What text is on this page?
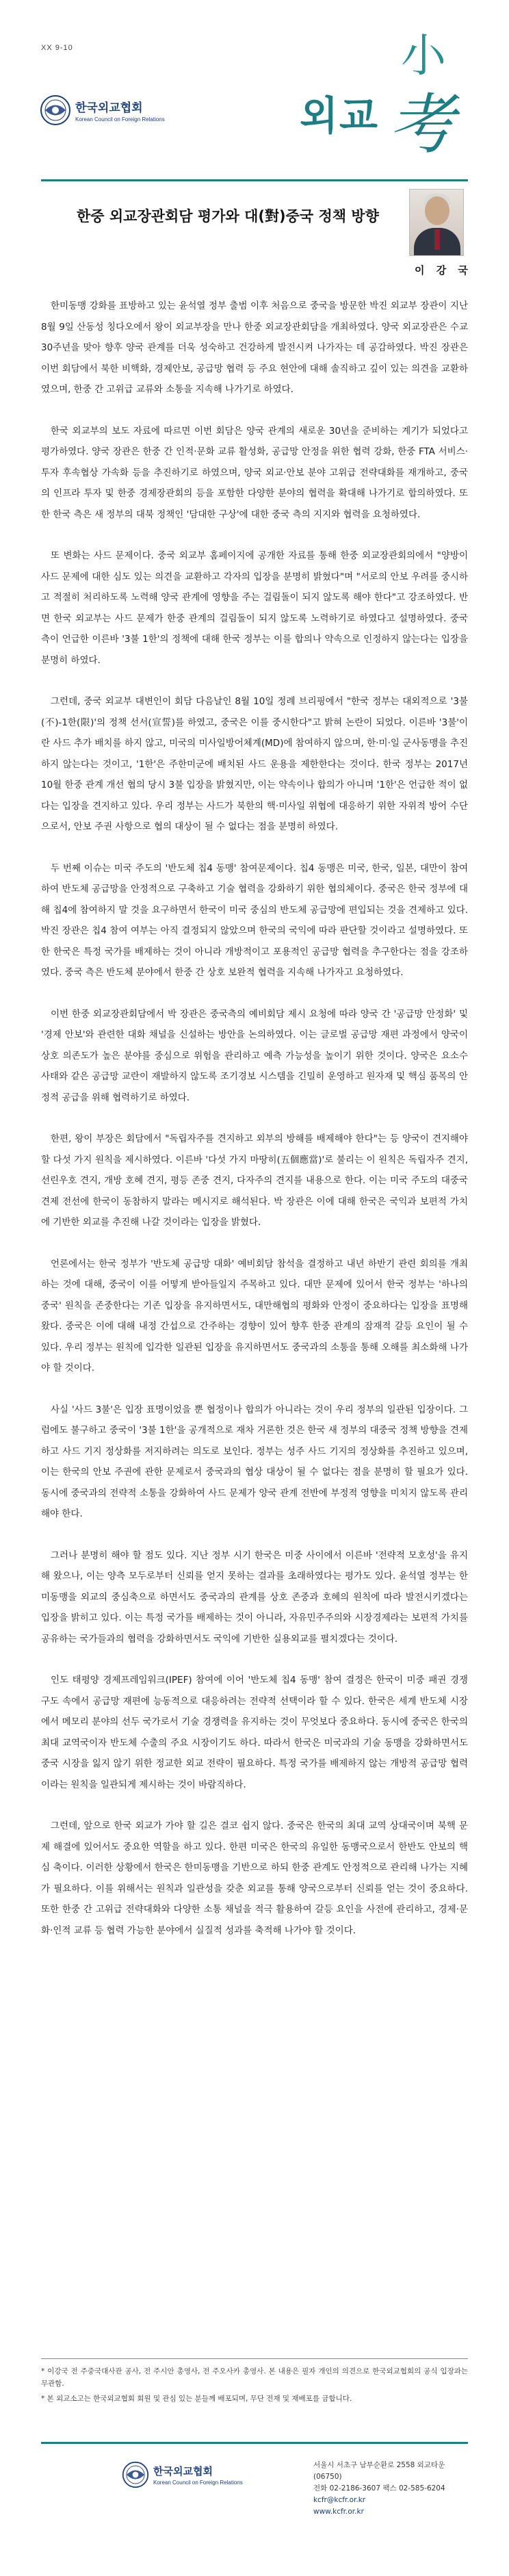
XX 9-10
한국외교협회
Korean Council on Foreign Relations
小
외교 考
한중 외교장관회담 평가와 대(對)중국 정책 방향
이 강 국

한미동맹 강화를 표방하고 있는 윤석열 정부 출범 이후 처음으로 중국을 방문한 박진 외교부 장관이 지난 8월 9일 산동성 칭다오에서 왕이 외교부장을 만나 한중 외교장관회담을 개최하였다. 양국 외교장관은 수교 30주년을 맞아 향후 양국 관계를 더욱 성숙하고 건강하게 발전시켜 나가자는 데 공감하였다. 박진 장관은 이번 회담에서 북한 비핵화, 경제안보, 공급망 협력 등 주요 현안에 대해 솔직하고 깊이 있는 의견을 교환하였으며, 한중 간 고위급 교류와 소통을 지속해 나가기로 하였다.

한국 외교부의 보도 자료에 따르면 이번 회담은 양국 관계의 새로운 30년을 준비하는 계기가 되었다고 평가하였다. 양국 장관은 한중 간 인적·문화 교류 활성화, 공급망 안정을 위한 협력 강화, 한중 FTA 서비스·투자 후속협상 가속화 등을 추진하기로 하였으며, 양국 외교·안보 분야 고위급 전략대화를 재개하고, 중국의 인프라 투자 및 한중 경제장관회의 등을 포함한 다양한 분야의 협력을 확대해 나가기로 합의하였다. 또한 한국 측은 새 정부의 대북 정책인 '담대한 구상'에 대한 중국 측의 지지와 협력을 요청하였다.

또 변화는 사드 문제이다. 중국 외교부 홈페이지에 공개한 자료를 통해 한중 외교장관회의에서 "양방이 사드 문제에 대한 심도 있는 의견을 교환하고 각자의 입장을 분명히 밝혔다"며 "서로의 안보 우려를 중시하고 적절히 처리하도록 노력해 양국 관계에 영향을 주는 걸림돌이 되지 않도록 해야 한다"고 강조하였다. 반면 한국 외교부는 사드 문제가 한중 관계의 걸림돌이 되지 않도록 노력하기로 하였다고 설명하였다. 중국 측이 언급한 이른바 '3불 1한'의 정책에 대해 한국 정부는 이를 합의나 약속으로 인정하지 않는다는 입장을 분명히 하였다.

그런데, 중국 외교부 대변인이 회담 다음날인 8월 10일 정례 브리핑에서 "한국 정부는 대외적으로 '3불(不)-1한(限)'의 정책 선서(宣誓)를 하였고, 중국은 이를 중시한다"고 밝혀 논란이 되었다. 이른바 '3불'이란 사드 추가 배치를 하지 않고, 미국의 미사일방어체계(MD)에 참여하지 않으며, 한·미·일 군사동맹을 추진하지 않는다는 것이고, '1한'은 주한미군에 배치된 사드 운용을 제한한다는 것이다. 한국 정부는 2017년 10월 한중 관계 개선 협의 당시 3불 입장을 밝혔지만, 이는 약속이나 합의가 아니며 '1한'은 언급한 적이 없다는 입장을 견지하고 있다. 우리 정부는 사드가 북한의 핵·미사일 위협에 대응하기 위한 자위적 방어 수단으로서, 안보 주권 사항으로 협의 대상이 될 수 없다는 점을 분명히 하였다.

두 번째 이슈는 미국 주도의 '반도체 칩4 동맹' 참여문제이다. 칩4 동맹은 미국, 한국, 일본, 대만이 참여하여 반도체 공급망을 안정적으로 구축하고 기술 협력을 강화하기 위한 협의체이다. 중국은 한국 정부에 대해 칩4에 참여하지 말 것을 요구하면서 한국이 미국 중심의 반도체 공급망에 편입되는 것을 견제하고 있다. 박진 장관은 칩4 참여 여부는 아직 결정되지 않았으며 한국의 국익에 따라 판단할 것이라고 설명하였다. 또한 한국은 특정 국가를 배제하는 것이 아니라 개방적이고 포용적인 공급망 협력을 추구한다는 점을 강조하였다. 중국 측은 반도체 분야에서 한중 간 상호 보완적 협력을 지속해 나가자고 요청하였다.

이번 한중 외교장관회담에서 박 장관은 중국측의 예비회담 제시 요청에 따라 양국 간 '공급망 안정화' 및 '경제 안보'와 관련한 대화 채널을 신설하는 방안을 논의하였다. 이는 글로벌 공급망 재편 과정에서 양국이 상호 의존도가 높은 분야를 중심으로 위험을 관리하고 예측 가능성을 높이기 위한 것이다. 양국은 요소수 사태와 같은 공급망 교란이 재발하지 않도록 조기경보 시스템을 긴밀히 운영하고 원자재 및 핵심 품목의 안정적 공급을 위해 협력하기로 하였다.

한편, 왕이 부장은 회담에서 "독립자주를 견지하고 외부의 방해를 배제해야 한다"는 등 양국이 견지해야 할 다섯 가지 원칙을 제시하였다. 이른바 '다섯 가지 마땅히(五個應當)'로 불리는 이 원칙은 독립자주 견지, 선린우호 견지, 개방 호혜 견지, 평등 존중 견지, 다자주의 견지를 내용으로 한다. 이는 미국 주도의 대중국 견제 전선에 한국이 동참하지 말라는 메시지로 해석된다. 박 장관은 이에 대해 한국은 국익과 보편적 가치에 기반한 외교를 추진해 나갈 것이라는 입장을 밝혔다.

언론에서는 한국 정부가 '반도체 공급망 대화' 예비회담 참석을 결정하고 내년 하반기 관련 회의를 개최하는 것에 대해, 중국이 이를 어떻게 받아들일지 주목하고 있다. 대만 문제에 있어서 한국 정부는 '하나의 중국' 원칙을 존중한다는 기존 입장을 유지하면서도, 대만해협의 평화와 안정이 중요하다는 입장을 표명해 왔다. 중국은 이에 대해 내정 간섭으로 간주하는 경향이 있어 향후 한중 관계의 잠재적 갈등 요인이 될 수 있다. 우리 정부는 원칙에 입각한 일관된 입장을 유지하면서도 중국과의 소통을 통해 오해를 최소화해 나가야 할 것이다.

사실 '사드 3불'은 입장 표명이었을 뿐 협정이나 합의가 아니라는 것이 우리 정부의 일관된 입장이다. 그럼에도 불구하고 중국이 '3불 1한'을 공개적으로 재차 거론한 것은 한국 새 정부의 대중국 정책 방향을 견제하고 사드 기지 정상화를 저지하려는 의도로 보인다. 정부는 성주 사드 기지의 정상화를 추진하고 있으며, 이는 한국의 안보 주권에 관한 문제로서 중국과의 협상 대상이 될 수 없다는 점을 분명히 할 필요가 있다. 동시에 중국과의 전략적 소통을 강화하여 사드 문제가 양국 관계 전반에 부정적 영향을 미치지 않도록 관리해야 한다.

그러나 분명히 해야 할 점도 있다. 지난 정부 시기 한국은 미중 사이에서 이른바 '전략적 모호성'을 유지해 왔으나, 이는 양측 모두로부터 신뢰를 얻지 못하는 결과를 초래하였다는 평가도 있다. 윤석열 정부는 한미동맹을 외교의 중심축으로 하면서도 중국과의 관계를 상호 존중과 호혜의 원칙에 따라 발전시키겠다는 입장을 밝히고 있다. 이는 특정 국가를 배제하는 것이 아니라, 자유민주주의와 시장경제라는 보편적 가치를 공유하는 국가들과의 협력을 강화하면서도 국익에 기반한 실용외교를 펼치겠다는 것이다.

인도 태평양 경제프레임워크(IPEF) 참여에 이어 '반도체 칩4 동맹' 참여 결정은 한국이 미중 패권 경쟁 구도 속에서 공급망 재편에 능동적으로 대응하려는 전략적 선택이라 할 수 있다. 한국은 세계 반도체 시장에서 메모리 분야의 선두 국가로서 기술 경쟁력을 유지하는 것이 무엇보다 중요하다. 동시에 중국은 한국의 최대 교역국이자 반도체 수출의 주요 시장이기도 하다. 따라서 한국은 미국과의 기술 동맹을 강화하면서도 중국 시장을 잃지 않기 위한 정교한 외교 전략이 필요하다. 특정 국가를 배제하지 않는 개방적 공급망 협력이라는 원칙을 일관되게 제시하는 것이 바람직하다.

그런데, 앞으로 한국 외교가 가야 할 길은 결코 쉽지 않다. 중국은 한국의 최대 교역 상대국이며 북핵 문제 해결에 있어서도 중요한 역할을 하고 있다. 한편 미국은 한국의 유일한 동맹국으로서 한반도 안보의 핵심 축이다. 이러한 상황에서 한국은 한미동맹을 기반으로 하되 한중 관계도 안정적으로 관리해 나가는 지혜가 필요하다. 이를 위해서는 원칙과 일관성을 갖춘 외교를 통해 양국으로부터 신뢰를 얻는 것이 중요하다. 또한 한중 간 고위급 전략대화와 다양한 소통 채널을 적극 활용하여 갈등 요인을 사전에 관리하고, 경제·문화·인적 교류 등 협력 가능한 분야에서 실질적 성과를 축적해 나가야 할 것이다.

* 이강국 전 주중국대사관 공사, 전 주시안 총영사, 전 주오사카 총영사. 본 내용은 필자 개인의 의견으로 한국외교협회의 공식 입장과는 무관함.

* 본 외교소고는 한국외교협회 회원 및 관심 있는 분들께 배포되며, 무단 전재 및 재배포를 금합니다.

한국외교협회
Korean Council on Foreign Relations
서울시 서초구 남부순환로 2558 외교타운 (06750)
전화 02-2186-3607 팩스 02-585-6204
kcfr@kcfr.or.kr
www.kcfr.or.kr
